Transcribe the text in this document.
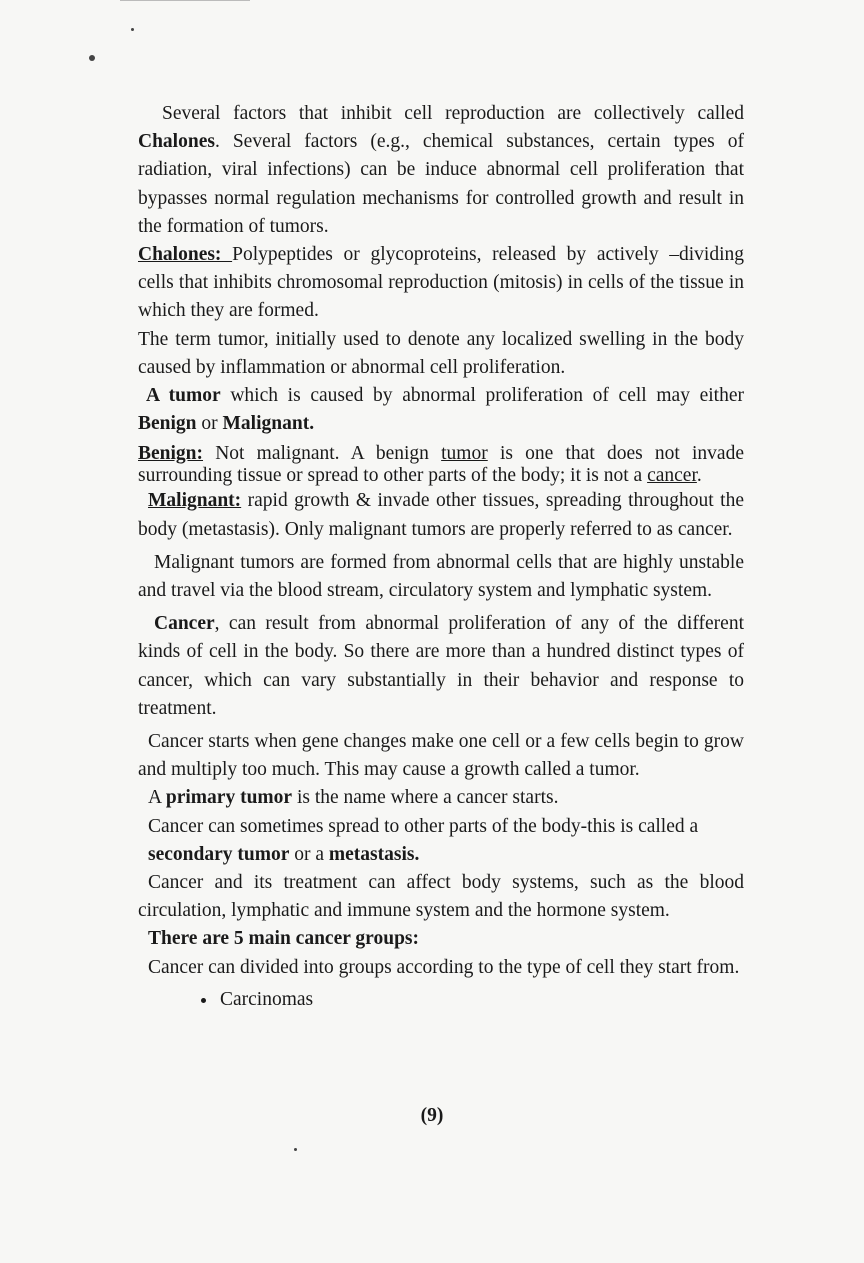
Several factors that inhibit cell reproduction are collectively called Chalones. Several factors (e.g., chemical substances, certain types of radiation, viral infections) can be induce abnormal cell proliferation that bypasses normal regulation mechanisms for controlled growth and result in the formation of tumors.

Chalones: Polypeptides or glycoproteins, released by actively –dividing cells that inhibits chromosomal reproduction (mitosis) in cells of the tissue in which they are formed.

The term tumor, initially used to denote any localized swelling in the body caused by inflammation or abnormal cell proliferation.

A tumor which is caused by abnormal proliferation of cell may either Benign or Malignant.

Benign: Not malignant. A benign tumor is one that does not invade surrounding tissue or spread to other parts of the body; it is not a cancer.

Malignant: rapid growth & invade other tissues, spreading throughout the body (metastasis). Only malignant tumors are properly referred to as cancer.

Malignant tumors are formed from abnormal cells that are highly unstable and travel via the blood stream, circulatory system and lymphatic system.

Cancer, can result from abnormal proliferation of any of the different kinds of cell in the body. So there are more than a hundred distinct types of cancer, which can vary substantially in their behavior and response to treatment.

Cancer starts when gene changes make one cell or a few cells begin to grow and multiply too much. This may cause a growth called a tumor.

A primary tumor is the name where a cancer starts.

Cancer can sometimes spread to other parts of the body-this is called a
secondary tumor or a metastasis.

Cancer and its treatment can affect body systems, such as the blood circulation, lymphatic and immune system and the hormone system.

There are 5 main cancer groups:

Cancer can divided into groups according to the type of cell they start from.

• Carcinomas
(9)
